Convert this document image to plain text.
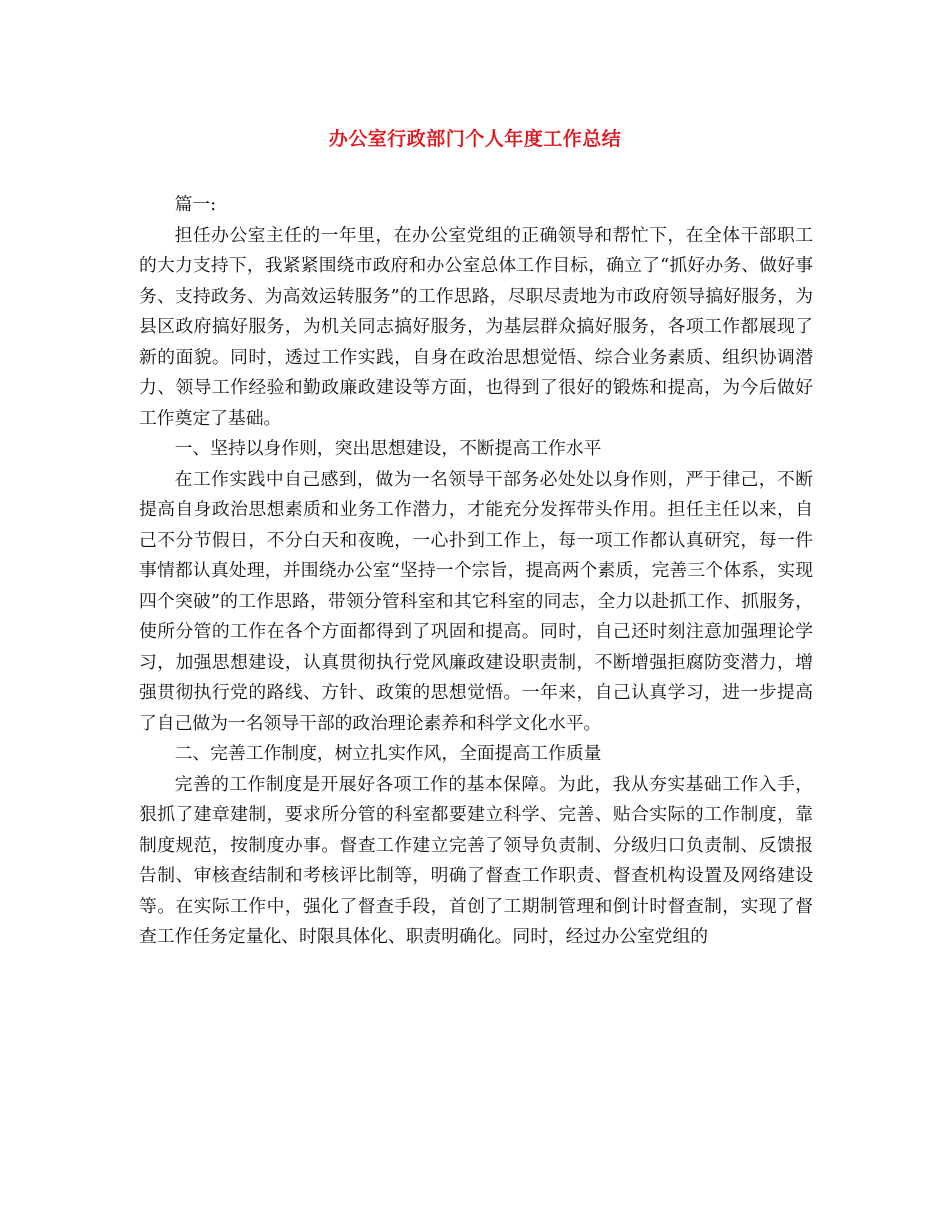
办公室行政部门个人年度工作总结

篇一:

担任办公室主任的一年里，在办公室党组的正确领导和帮忙下，在全体干部职工的大力支持下，我紧紧围绕市政府和办公室总体工作目标，确立了“抓好办务、做好事务、支持政务、为高效运转服务”的工作思路，尽职尽责地为市政府领导搞好服务，为县区政府搞好服务，为机关同志搞好服务，为基层群众搞好服务，各项工作都展现了新的面貌。同时，透过工作实践，自身在政治思想觉悟、综合业务素质、组织协调潜力、领导工作经验和勤政廉政建设等方面，也得到了很好的锻炼和提高，为今后做好工作奠定了基础。

一、坚持以身作则，突出思想建设，不断提高工作水平

在工作实践中自己感到，做为一名领导干部务必处处以身作则，严于律己，不断提高自身政治思想素质和业务工作潜力，才能充分发挥带头作用。担任主任以来，自己不分节假日，不分白天和夜晚，一心扑到工作上，每一项工作都认真研究，每一件事情都认真处理，并围绕办公室“坚持一个宗旨，提高两个素质，完善三个体系，实现四个突破”的工作思路，带领分管科室和其它科室的同志，全力以赴抓工作、抓服务，使所分管的工作在各个方面都得到了巩固和提高。同时，自己还时刻注意加强理论学习，加强思想建设，认真贯彻执行党风廉政建设职责制，不断增强拒腐防变潜力，增强贯彻执行党的路线、方针、政策的思想觉悟。一年来，自己认真学习，进一步提高了自己做为一名领导干部的政治理论素养和科学文化水平。

二、完善工作制度，树立扎实作风，全面提高工作质量

完善的工作制度是开展好各项工作的基本保障。为此，我从夯实基础工作入手，狠抓了建章建制，要求所分管的科室都要建立科学、完善、贴合实际的工作制度，靠制度规范，按制度办事。督查工作建立完善了领导负责制、分级归口负责制、反馈报告制、审核查结制和考核评比制等，明确了督查工作职责、督查机构设置及网络建设等。在实际工作中，强化了督查手段，首创了工期制管理和倒计时督查制，实现了督查工作任务定量化、时限具体化、职责明确化。同时，经过办公室党组的
